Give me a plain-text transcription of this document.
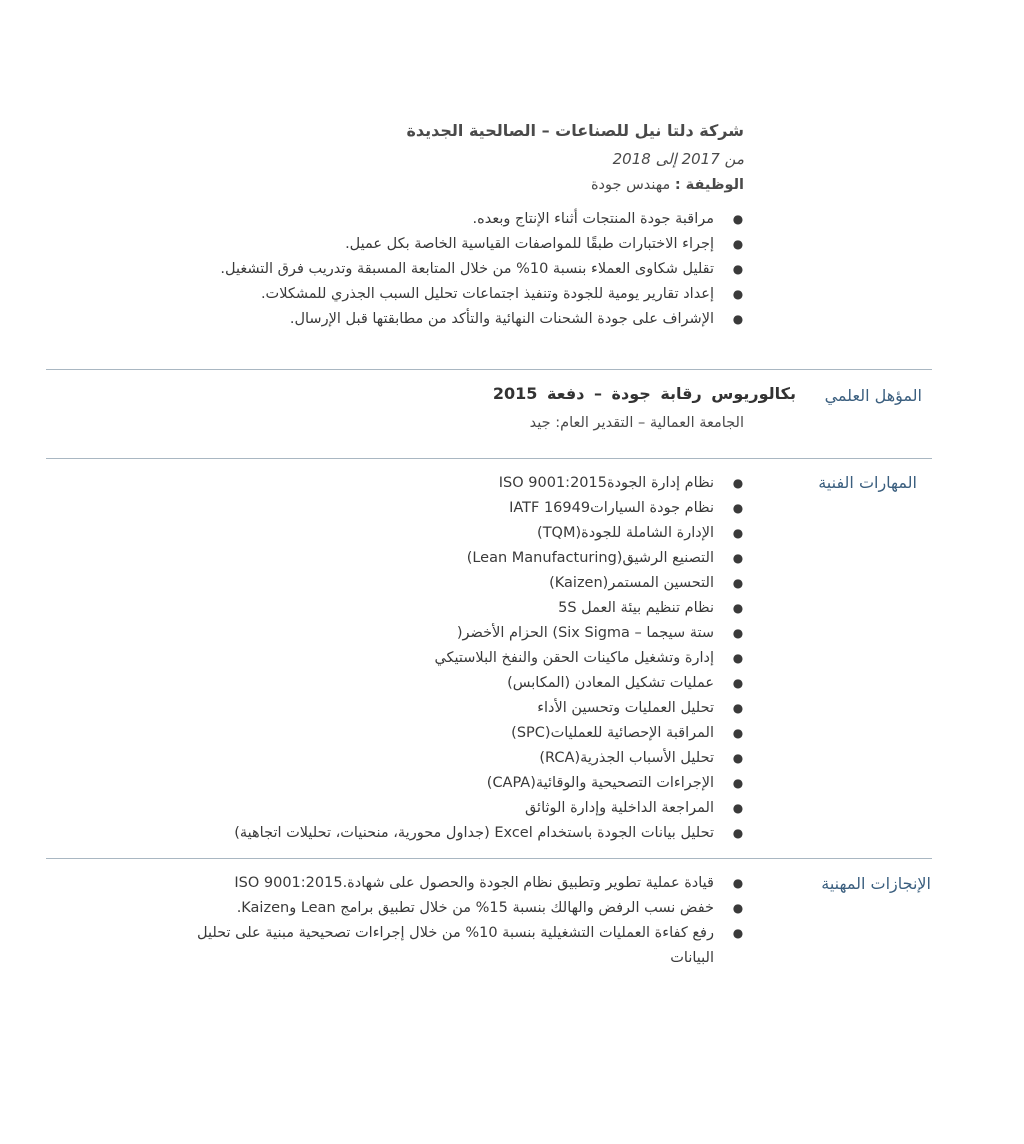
شركة دلتا نيل للصناعات – الصالحية الجديدة
من 2017 إلى 2018
الوظيفة : مهندس جودة
●
مراقبة جودة المنتجات أثناء الإنتاج وبعده.
●
إجراء الاختبارات طبقًا للمواصفات القياسية الخاصة بكل عميل.
●
تقليل شكاوى العملاء بنسبة 10% من خلال المتابعة المسبقة وتدريب فرق التشغيل.
●
إعداد تقارير يومية للجودة وتنفيذ اجتماعات تحليل السبب الجذري للمشكلات.
●
الإشراف على جودة الشحنات النهائية والتأكد من مطابقتها قبل الإرسال.
المؤهل العلمي
بكالوريوس رقابة جودة – دفعة 2015
الجامعة العمالية – التقدير العام: جيد
المهارات الفنية
●
نظام إدارة الجودةISO 9001:2015
●
نظام جودة السياراتIATF 16949
●
الإدارة الشاملة للجودة(TQM)
●
التصنيع الرشيق(Lean Manufacturing)
●
التحسين المستمر(Kaizen)
●
نظام تنظيم بيئة العمل 5S
●
ستة سيجما – Six Sigma) الحزام الأخضر(
●
إدارة وتشغيل ماكينات الحقن والنفخ البلاستيكي
●
عمليات تشكيل المعادن (المكابس)
●
تحليل العمليات وتحسين الأداء
●
المراقبة الإحصائية للعمليات(SPC)
●
تحليل الأسباب الجذرية(RCA)
●
الإجراءات التصحيحية والوقائية(CAPA)
●
المراجعة الداخلية وإدارة الوثائق
●
تحليل بيانات الجودة باستخدام Excel (جداول محورية، منحنيات، تحليلات اتجاهية)
الإنجازات المهنية
●
قيادة عملية تطوير وتطبيق نظام الجودة والحصول على شهادة.ISO 9001:2015
●
خفض نسب الرفض والهالك بنسبة 15% من خلال تطبيق برامج Lean وKaizen.
●
رفع كفاءة العمليات التشغيلية بنسبة 10% من خلال إجراءات تصحيحية مبنية على تحليل
البيانات
